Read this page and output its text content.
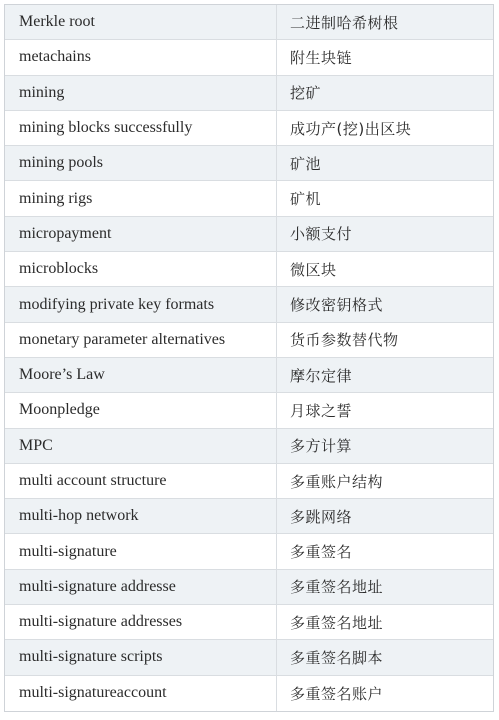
Merkle root	二进制哈希树根
metachains	附生块链
mining	挖矿
mining blocks successfully	成功产(挖)出区块
mining pools	矿池
mining rigs	矿机
micropayment	小额支付
microblocks	微区块
modifying private key formats	修改密钥格式
monetary parameter alternatives	货币参数替代物
Moore’s Law	摩尔定律
Moonpledge	月球之誓
MPC	多方计算
multi account structure	多重账户结构
multi-hop network	多跳网络
multi-signature	多重签名
multi-signature addresse	多重签名地址
multi-signature addresses	多重签名地址
multi-signature scripts	多重签名脚本
multi-signatureaccount	多重签名账户
